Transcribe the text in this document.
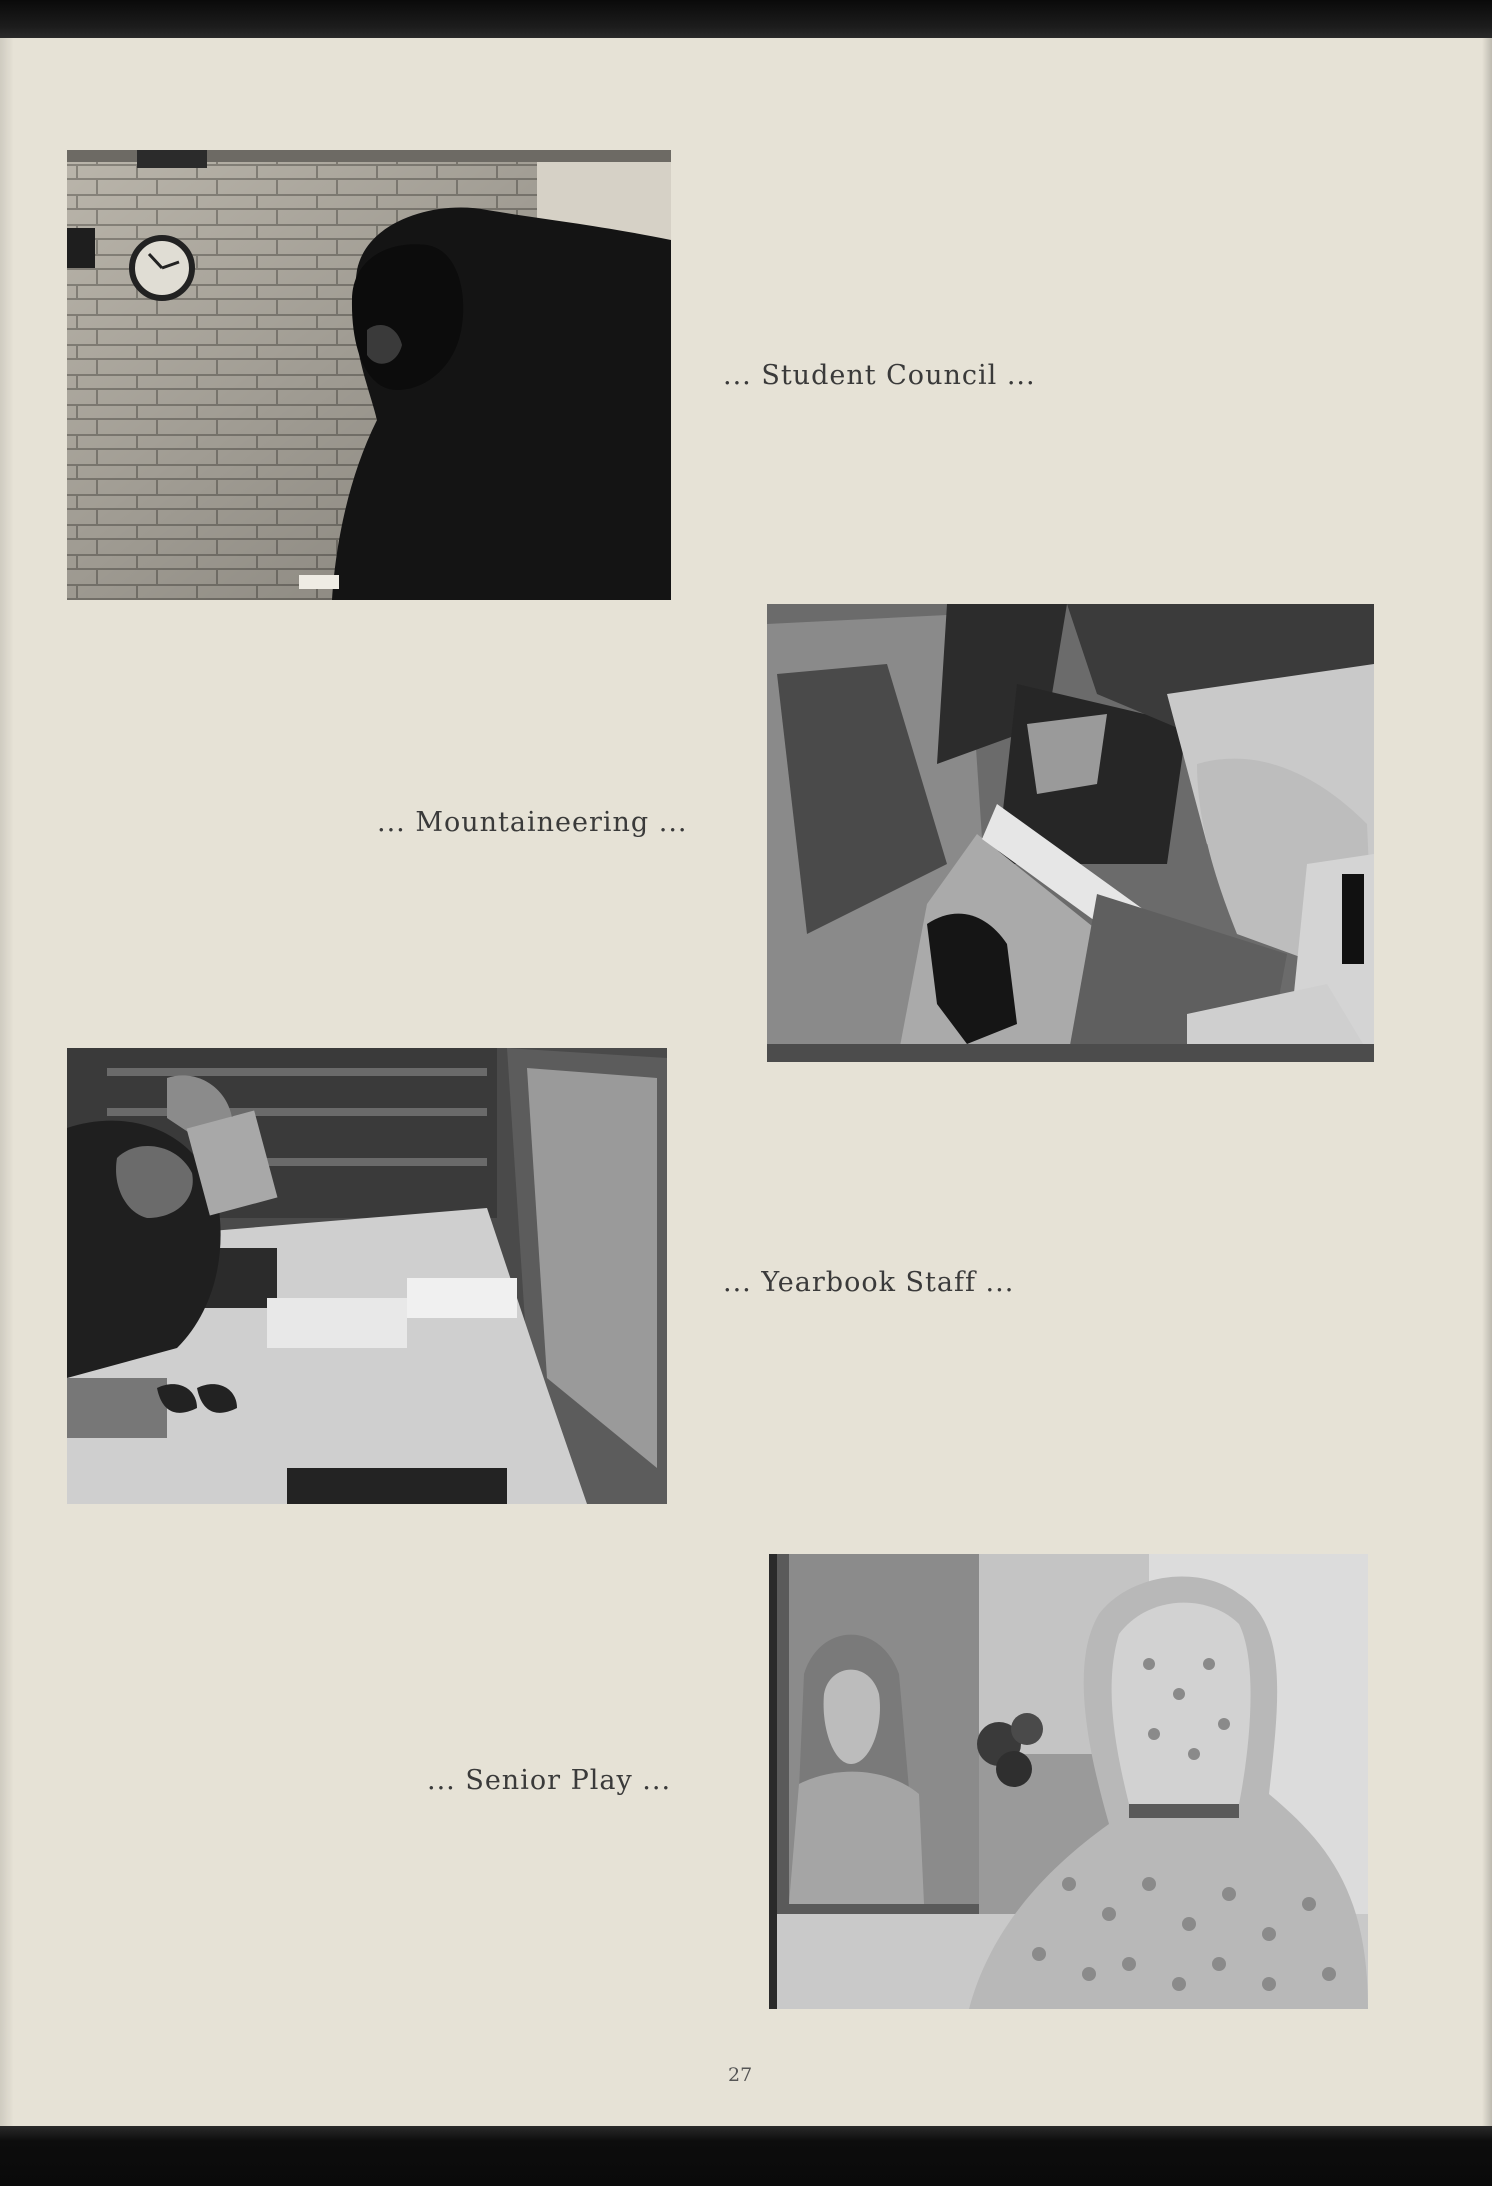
... Student Council ...
... Mountaineering ...
... Yearbook Staff ...
... Senior Play ...
27
